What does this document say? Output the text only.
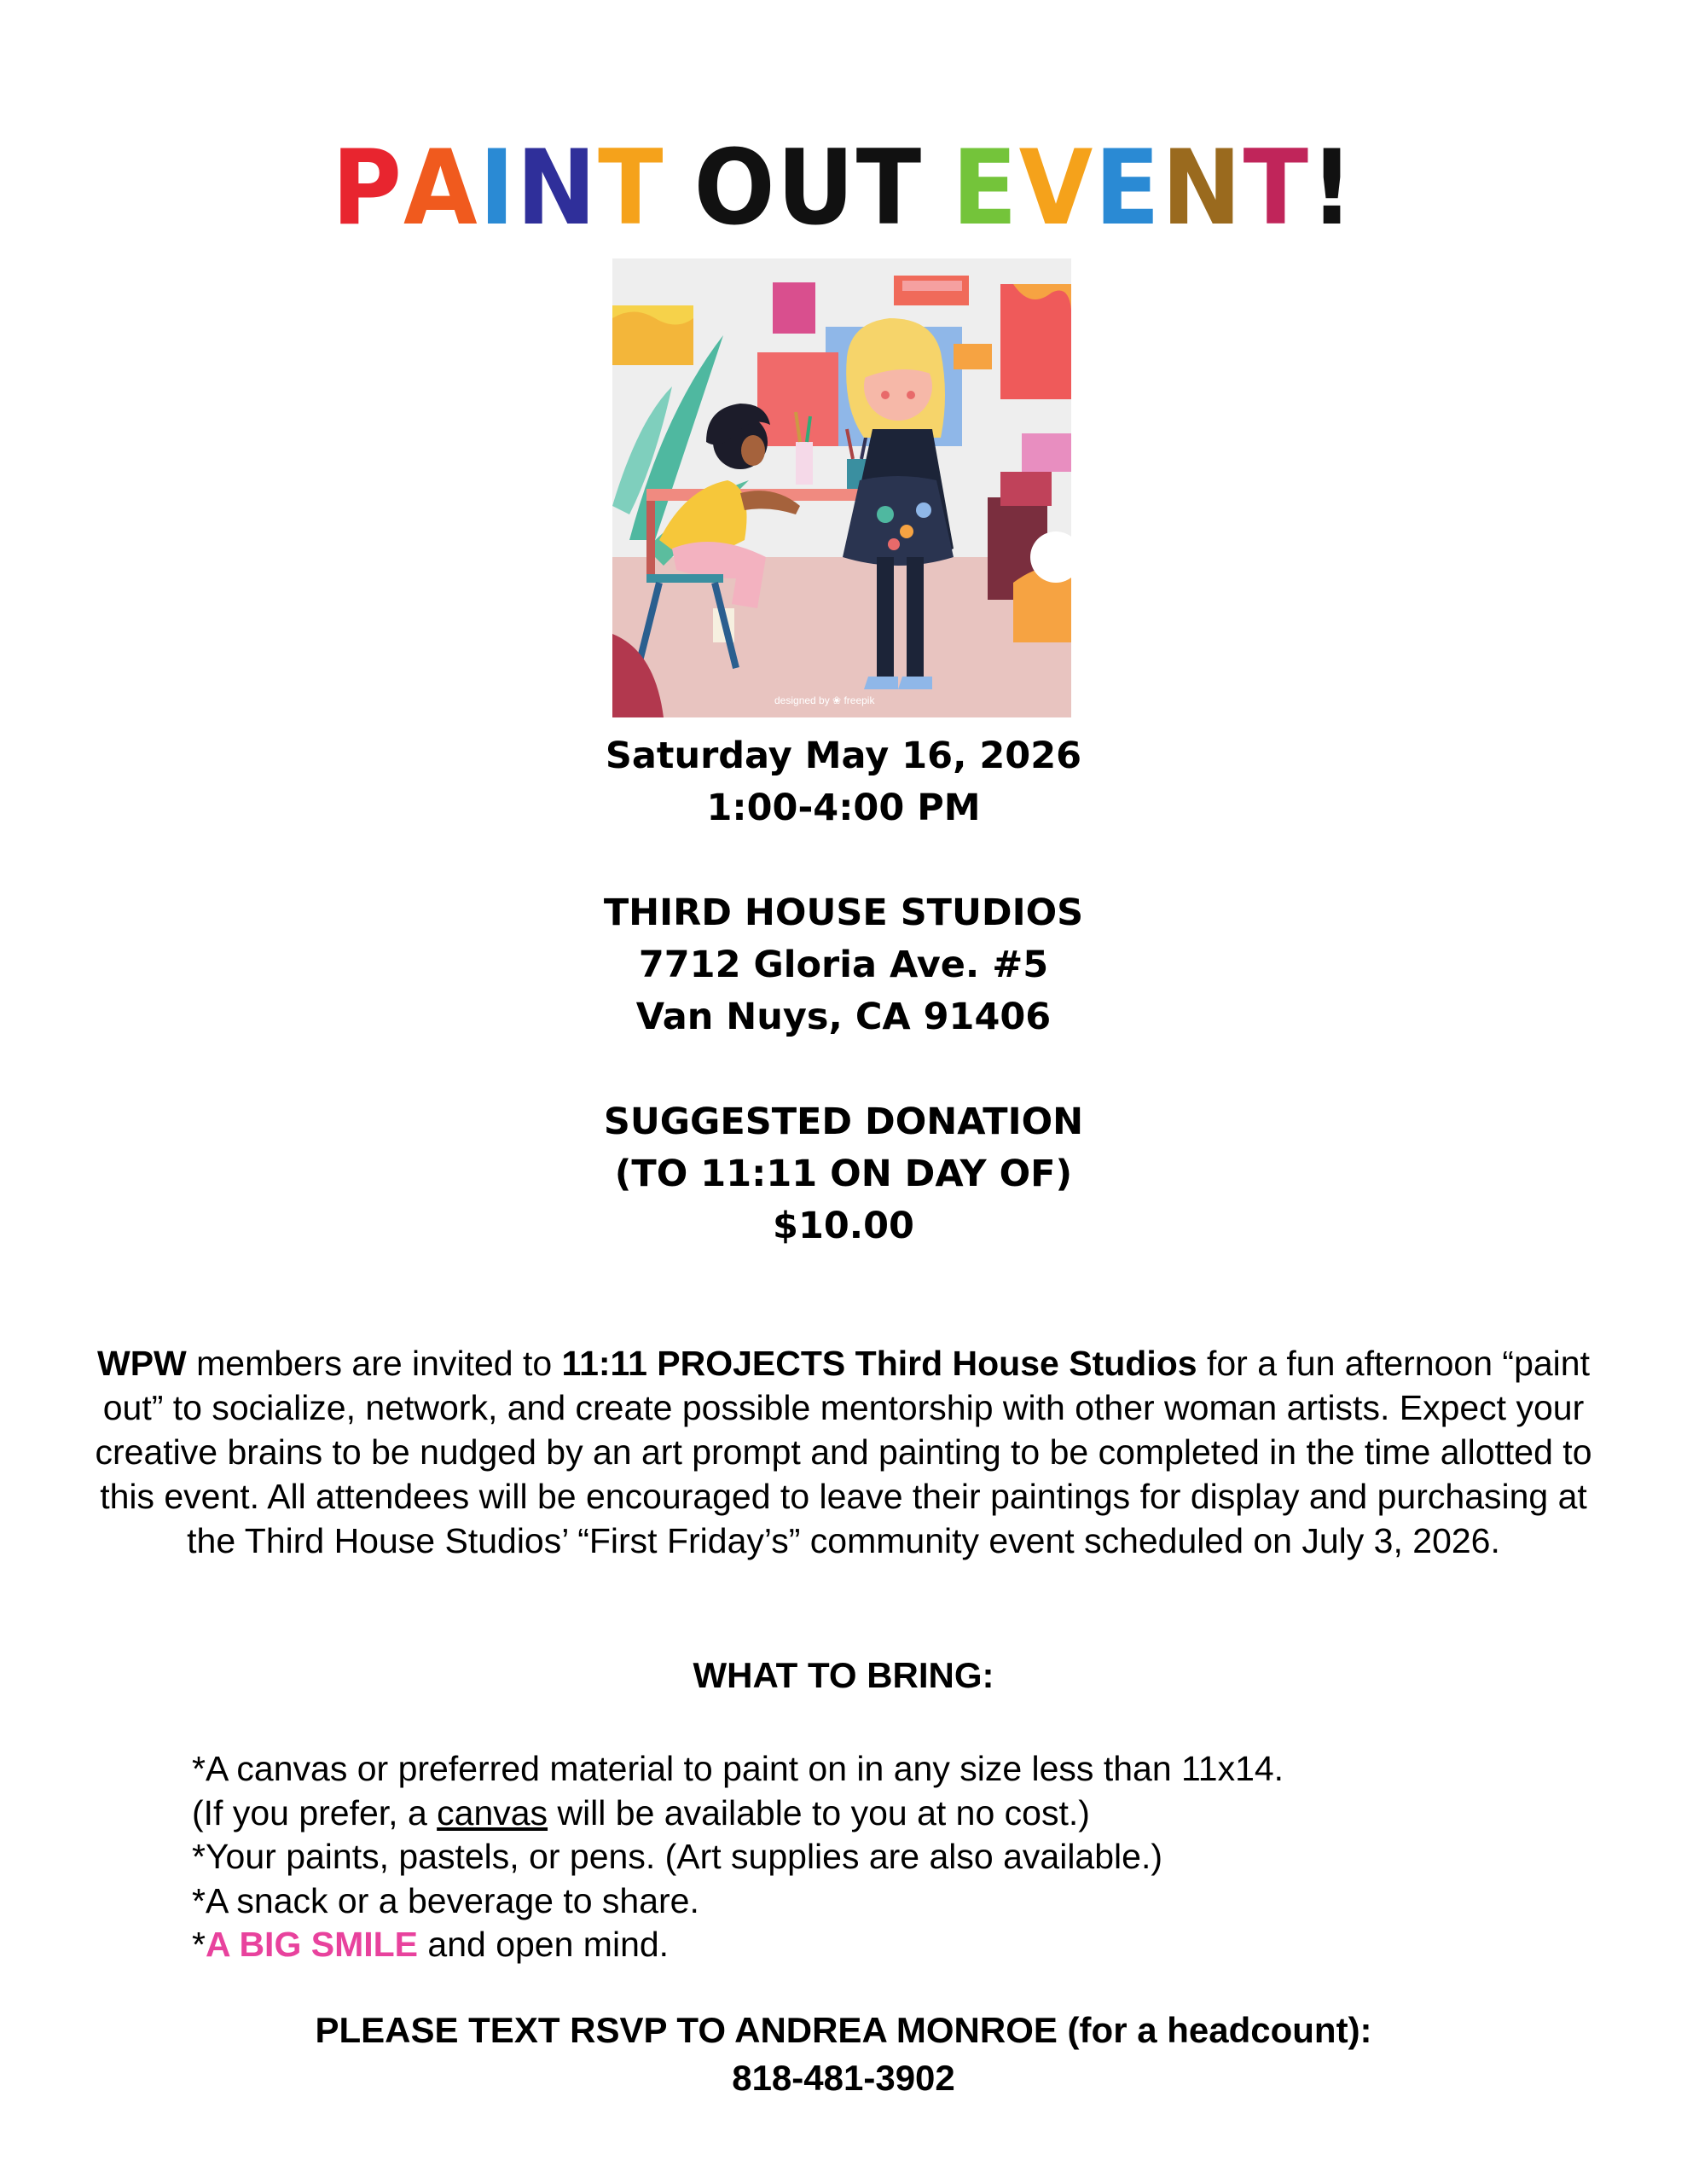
PAINT OUT EVENT!
designed by ❀ freepik
Saturday May 16, 2026
1:00-4:00 PM
THIRD HOUSE STUDIOS
7712 Gloria Ave. #5
Van Nuys, CA 91406
SUGGESTED DONATION
(TO 11:11 ON DAY OF)
$10.00
WPW members are invited to 11:11 PROJECTS Third House Studios for a fun afternoon “paint out” to socialize, network, and create possible mentorship with other woman artists. Expect your creative brains to be nudged by an art prompt and painting to be completed in the time allotted to this event. All attendees will be encouraged to leave their paintings for display and purchasing at the Third House Studios’ “First Friday’s” community event scheduled on July 3, 2026.
WHAT TO BRING:
*A canvas or preferred material to paint on in any size less than 11x14.
(If you prefer, a canvas will be available to you at no cost.)
*Your paints, pastels, or pens. (Art supplies are also available.)
*A snack or a beverage to share.
*A BIG SMILE and open mind.
PLEASE TEXT RSVP TO ANDREA MONROE (for a headcount):
818-481-3902
